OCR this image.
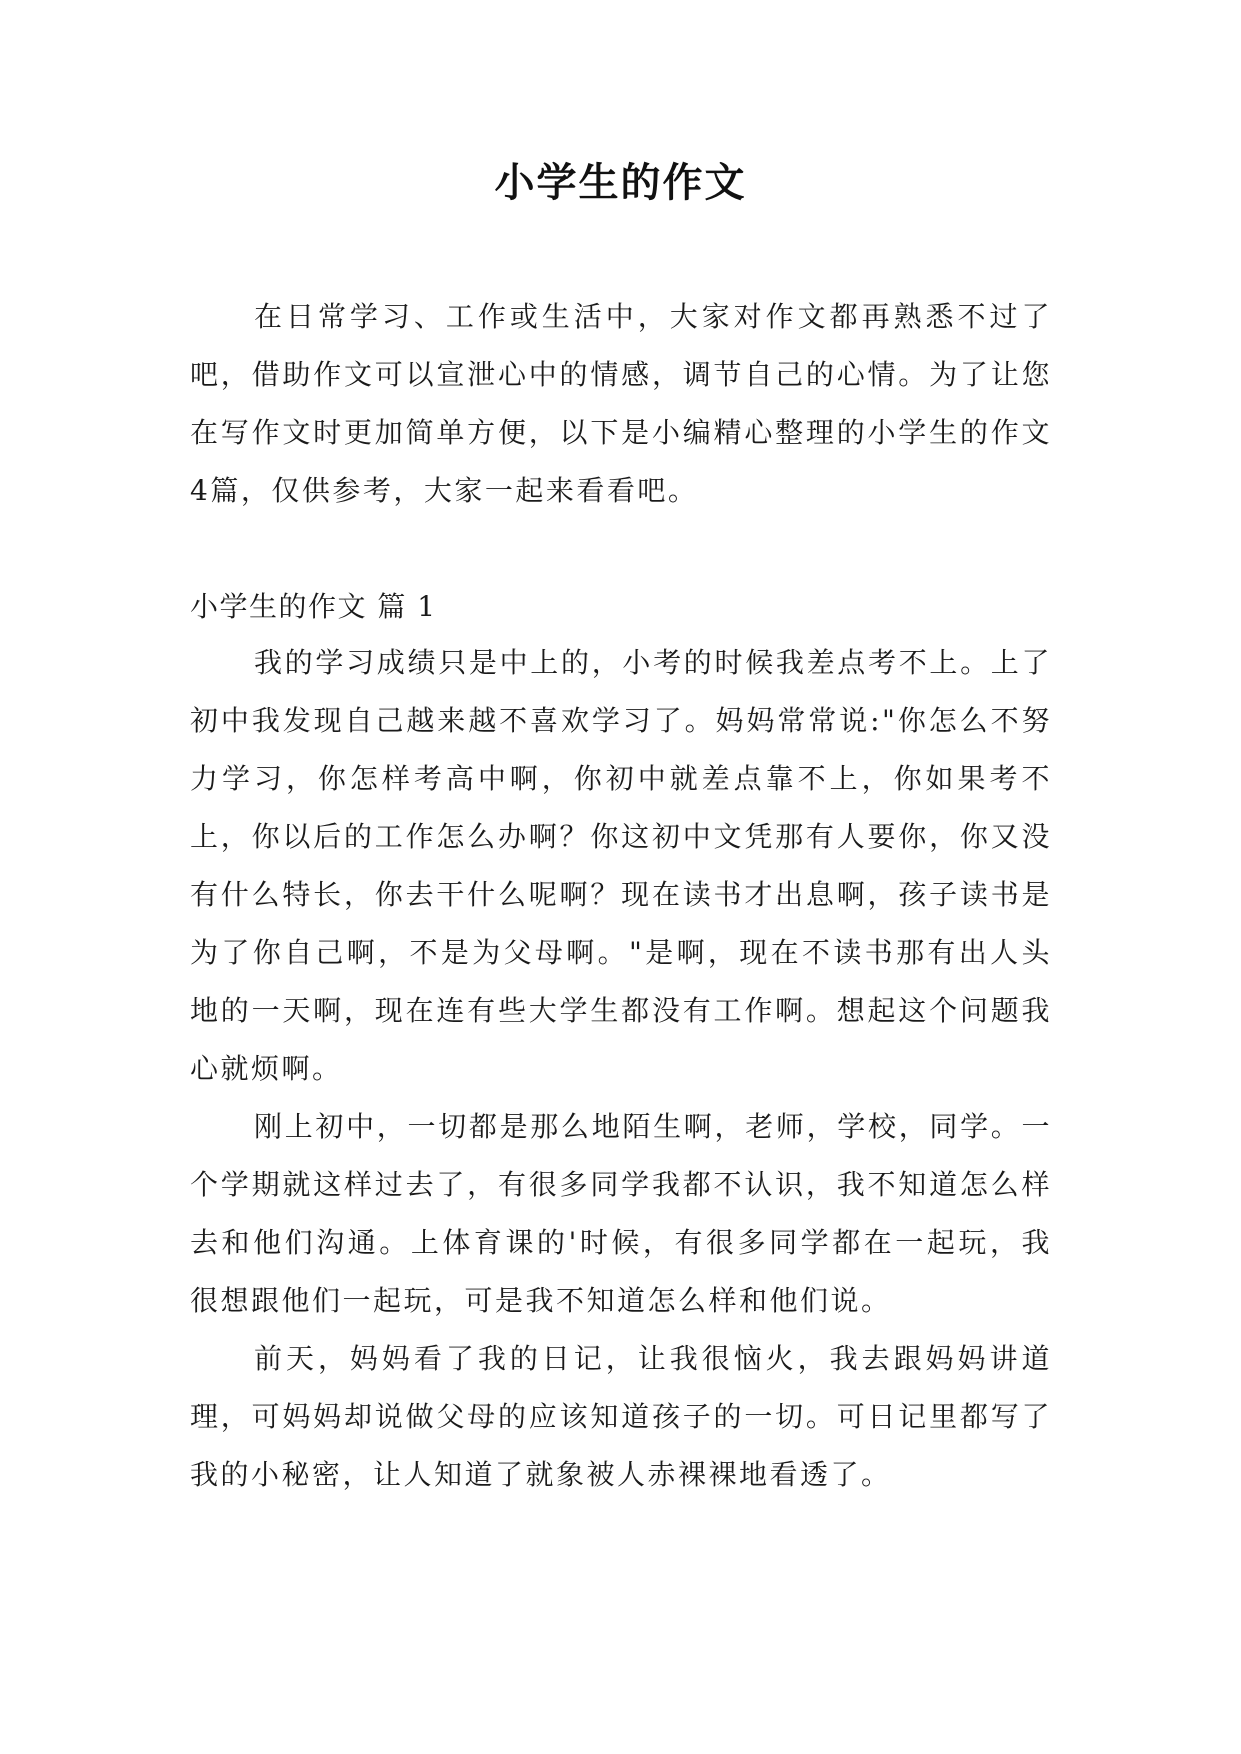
小学生的作文

在日常学习、工作或生活中，大家对作文都再熟悉不过了吧，借助作文可以宣泄心中的情感，调节自己的心情。为了让您在写作文时更加简单方便，以下是小编精心整理的小学生的作文4篇，仅供参考，大家一起来看看吧。

小学生的作文 篇 1

我的学习成绩只是中上的，小考的时候我差点考不上。上了初中我发现自己越来越不喜欢学习了。妈妈常常说:"你怎么不努力学习，你怎样考高中啊，你初中就差点靠不上，你如果考不上，你以后的工作怎么办啊？你这初中文凭那有人要你，你又没有什么特长，你去干什么呢啊？现在读书才出息啊，孩子读书是为了你自己啊，不是为父母啊。"是啊，现在不读书那有出人头地的一天啊，现在连有些大学生都没有工作啊。想起这个问题我心就烦啊。

刚上初中，一切都是那么地陌生啊，老师，学校，同学。一个学期就这样过去了，有很多同学我都不认识，我不知道怎么样去和他们沟通。上体育课的'时候，有很多同学都在一起玩，我很想跟他们一起玩，可是我不知道怎么样和他们说。

前天，妈妈看了我的日记，让我很恼火，我去跟妈妈讲道理，可妈妈却说做父母的应该知道孩子的一切。可日记里都写了我的小秘密，让人知道了就象被人赤裸裸地看透了。
